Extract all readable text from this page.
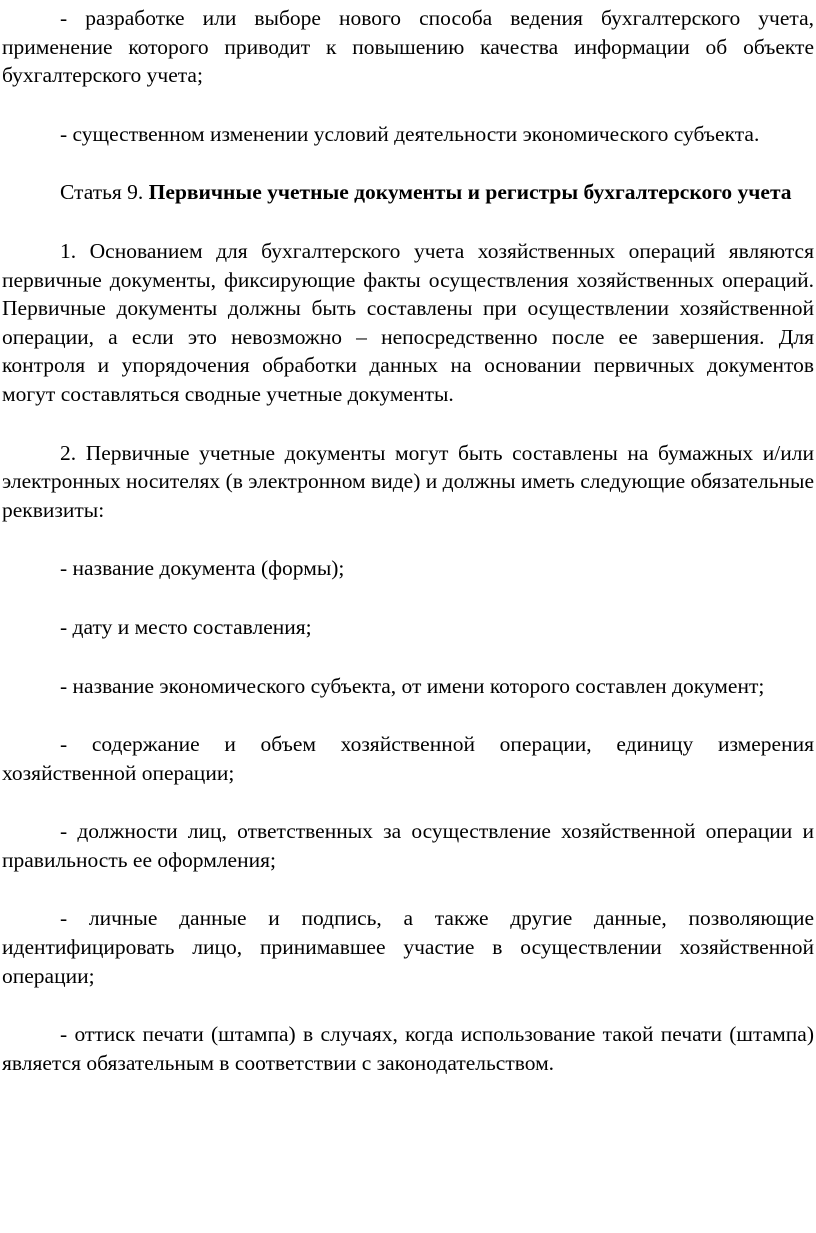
- разработке или выборе нового способа ведения бухгалтерского учета, применение которого приводит к повышению качества информации об объекте бухгалтерского учета;

- существенном изменении условий деятельности экономического субъекта.

Статья 9. Первичные учетные документы и регистры бухгалтерского учета

1. Основанием для бухгалтерского учета хозяйственных операций являются первичные документы, фиксирующие факты осуществления хозяйственных операций. Первичные документы должны быть составлены при осуществлении хозяйственной операции, а если это невозможно – непосредственно после ее завершения. Для контроля и упорядочения обработки данных на основании первичных документов могут составляться сводные учетные документы.

2. Первичные учетные документы могут быть составлены на бумажных и/или электронных носителях (в электронном виде) и должны иметь следующие обязательные реквизиты:

- название документа (формы);

- дату и место составления;

- название экономического субъекта, от имени которого составлен документ;

- содержание и объем хозяйственной операции, единицу измерения хозяйственной операции;

- должности лиц, ответственных за осуществление хозяйственной операции и правильность ее оформления;

- личные данные и подпись, а также другие данные, позволяющие идентифицировать лицо, принимавшее участие в осуществлении хозяйственной операции;

- оттиск печати (штампа) в случаях, когда использование такой печати (штампа) является обязательным в соответствии с законодательством.
